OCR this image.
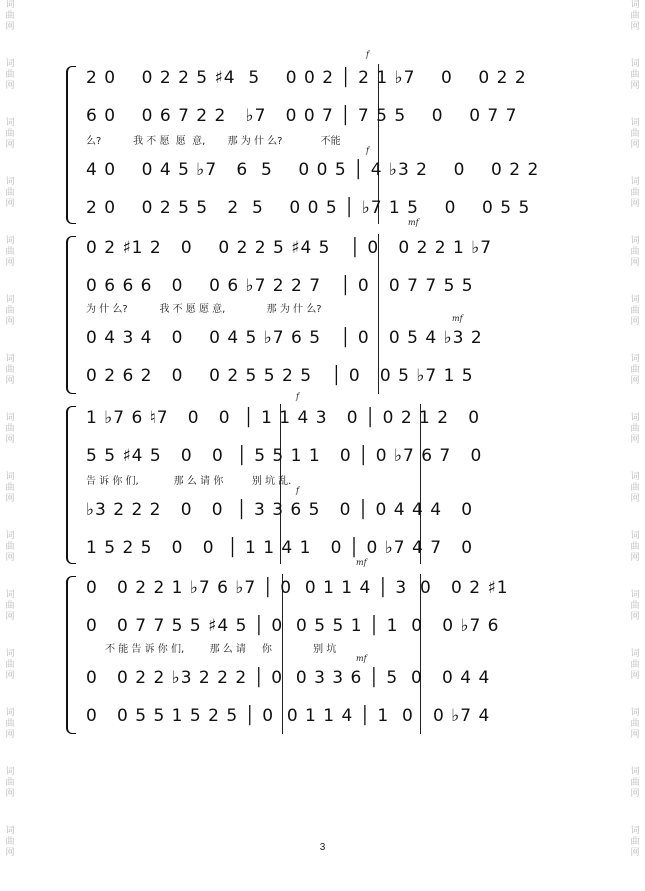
词
曲
网
词
曲
网
词
曲
网
词
曲
网
词
曲
网
词
曲
网
词
曲
网
词
曲
网
词
曲
网
词
曲
网
词
曲
网
词
曲
网
词
曲
网
词
曲
网
词
曲
网
词
曲
网
词
曲
网
词
曲
网
词
曲
网
词
曲
网
词
曲
网
词
曲
网
词
曲
网
词
曲
网
词
曲
网
词
曲
网
词
曲
网
词
曲
网
词
曲
网
词
曲
网
f
2 0    0 2 2 5 ♯4  5    0 0 2 │ 2 1 ♭7    0    0 2 2
6 0    0 6 7 2 2   ♭7   0 0 7 │ 7 5 5    0    0 7 7
么?          我 不 愿  愿  意,       那 为 什 么?            不能
f
4 0    0 4 5 ♭7   6  5    0 0 5 │ 4 ♭3 2    0    0 2 2
2 0    0 2 5 5   2  5    0 0 5 │ ♭7 1 5    0    0 5 5
mf
0 2 ♯1 2   0    0 2 2 5 ♯4 5   │ 0   0 2 2 1 ♭7
0 6 6 6   0    0 6 ♭7 2 2 7   │ 0   0 7 7 5 5
为 什 么?          我 不 愿 愿 意,             那 为 什 么?
mf
0 4 3 4   0    0 4 5 ♭7 6 5   │ 0   0 5 4 ♭3 2
0 2 6 2   0    0 2 5 5 2 5   │ 0   0 5 ♭7 1 5
f
1 ♭7 6 ♮7   0   0  │ 1 1 4 3   0 │ 0 2 1 2   0
5 5 ♯4 5   0   0  │ 5 5 1 1   0 │ 0 ♭7 6 7   0
告 诉 你 们,           那 么 请 你         别 坑 乱.
f
♭3 2 2 2   0   0  │ 3 3 6 5   0 │ 0 4 4 4   0
1 5 2 5   0   0  │ 1 1 4 1   0 │ 0 ♭7 4 7   0
mf
0   0 2 2 1 ♭7 6 ♭7 │ 0  0 1 1 4 │ 3  0   0 2 ♯1
0   0 7 7 5 5 ♯4 5 │ 0  0 5 5 1 │ 1  0   0 ♭7 6
不 能 告 诉 你 们,        那 么 请     你             别 坑
mf
0   0 2 2 ♭3 2 2 2 │ 0  0 3 3 6 │ 5  0   0 4 4
0   0 5 5 1 5 2 5 │ 0  0 1 1 4 │ 1  0   0 ♭7 4
3
